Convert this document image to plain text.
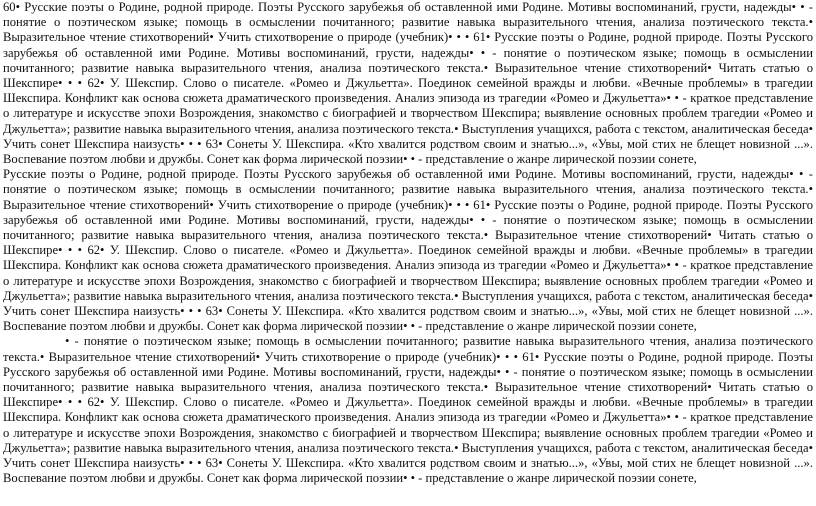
60• Русские поэты о Родине, родной природе. Поэты Русского зарубежья об оставленной ими Родине. Мотивы воспоминаний, грусти, надежды• • - понятие о поэтическом языке; помощь в осмыслении почитанного; развитие навыка выразительного чтения, анализа поэтического текста.• Выразительное чтение стихотворений• Учить стихотворение о природе (учебник)• • • 61• Русские поэты о Родине, родной природе. Поэты Русского зарубежья об оставленной ими Родине. Мотивы воспоминаний, грусти, надежды• • - понятие о поэтическом языке; помощь в осмыслении почитанного; развитие навыка выразительного чтения, анализа поэтического текста.• Выразительное чтение стихотворений• Читать статью о Шекспире• • • 62• У. Шекспир. Слово о писателе. «Ромео и Джульетта». Поединок семейной вражды и любви. «Вечные проблемы» в трагедии Шекспира. Конфликт как основа сюжета драматического произведения. Анализ эпизода из трагедии «Ромео и Джульетта»• • - краткое представление о литературе и искусстве эпохи Возрождения, знакомство с биографией и творчеством Шекспира; выявление основных проблем трагедии «Ромео и Джульетта»; развитие навыка выразительного чтения, анализа поэтического текста.• Выступления учащихся, работа с текстом, аналитическая беседа• Учить сонет Шекспира наизусть• • • 63• Сонеты У. Шекспира. «Кто хвалится родством своим и знатью...», «Увы, мой стих не блещет новизной ...». Воспевание поэтом любви и дружбы. Сонет как форма лирической поэзии• • - представление о жанре лирической поэзии сонете,

Русские поэты о Родине, родной природе. Поэты Русского зарубежья об оставленной ими Родине. Мотивы воспоминаний, грусти, надежды• • - понятие о поэтическом языке; помощь в осмыслении почитанного; развитие навыка выразительного чтения, анализа поэтического текста.• Выразительное чтение стихотворений• Учить стихотворение о природе (учебник)• • • 61• Русские поэты о Родине, родной природе. Поэты Русского зарубежья об оставленной ими Родине. Мотивы воспоминаний, грусти, надежды• • - понятие о поэтическом языке; помощь в осмыслении почитанного; развитие навыка выразительного чтения, анализа поэтического текста.• Выразительное чтение стихотворений• Читать статью о Шекспире• • • 62• У. Шекспир. Слово о писателе. «Ромео и Джульетта». Поединок семейной вражды и любви. «Вечные проблемы» в трагедии Шекспира. Конфликт как основа сюжета драматического произведения. Анализ эпизода из трагедии «Ромео и Джульетта»• • - краткое представление о литературе и искусстве эпохи Возрождения, знакомство с биографией и творчеством Шекспира; выявление основных проблем трагедии «Ромео и Джульетта»; развитие навыка выразительного чтения, анализа поэтического текста.• Выступления учащихся, работа с текстом, аналитическая беседа• Учить сонет Шекспира наизусть• • • 63• Сонеты У. Шекспира. «Кто хвалится родством своим и знатью...», «Увы, мой стих не блещет новизной ...». Воспевание поэтом любви и дружбы. Сонет как форма лирической поэзии• • - представление о жанре лирической поэзии сонете,

• - понятие о поэтическом языке; помощь в осмыслении почитанного; развитие навыка выразительного чтения, анализа поэтического текста.• Выразительное чтение стихотворений• Учить стихотворение о природе (учебник)• • • 61• Русские поэты о Родине, родной природе. Поэты Русского зарубежья об оставленной ими Родине. Мотивы воспоминаний, грусти, надежды• • - понятие о поэтическом языке; помощь в осмыслении почитанного; развитие навыка выразительного чтения, анализа поэтического текста.• Выразительное чтение стихотворений• Читать статью о Шекспире• • • 62• У. Шекспир. Слово о писателе. «Ромео и Джульетта». Поединок семейной вражды и любви. «Вечные проблемы» в трагедии Шекспира. Конфликт как основа сюжета драматического произведения. Анализ эпизода из трагедии «Ромео и Джульетта»• • - краткое представление о литературе и искусстве эпохи Возрождения, знакомство с биографией и творчеством Шекспира; выявление основных проблем трагедии «Ромео и Джульетта»; развитие навыка выразительного чтения, анализа поэтического текста.• Выступления учащихся, работа с текстом, аналитическая беседа• Учить сонет Шекспира наизусть• • • 63• Сонеты У. Шекспира. «Кто хвалится родством своим и знатью...», «Увы, мой стих не блещет новизной ...». Воспевание поэтом любви и дружбы. Сонет как форма лирической поэзии• • - представление о жанре лирической поэзии сонете,
